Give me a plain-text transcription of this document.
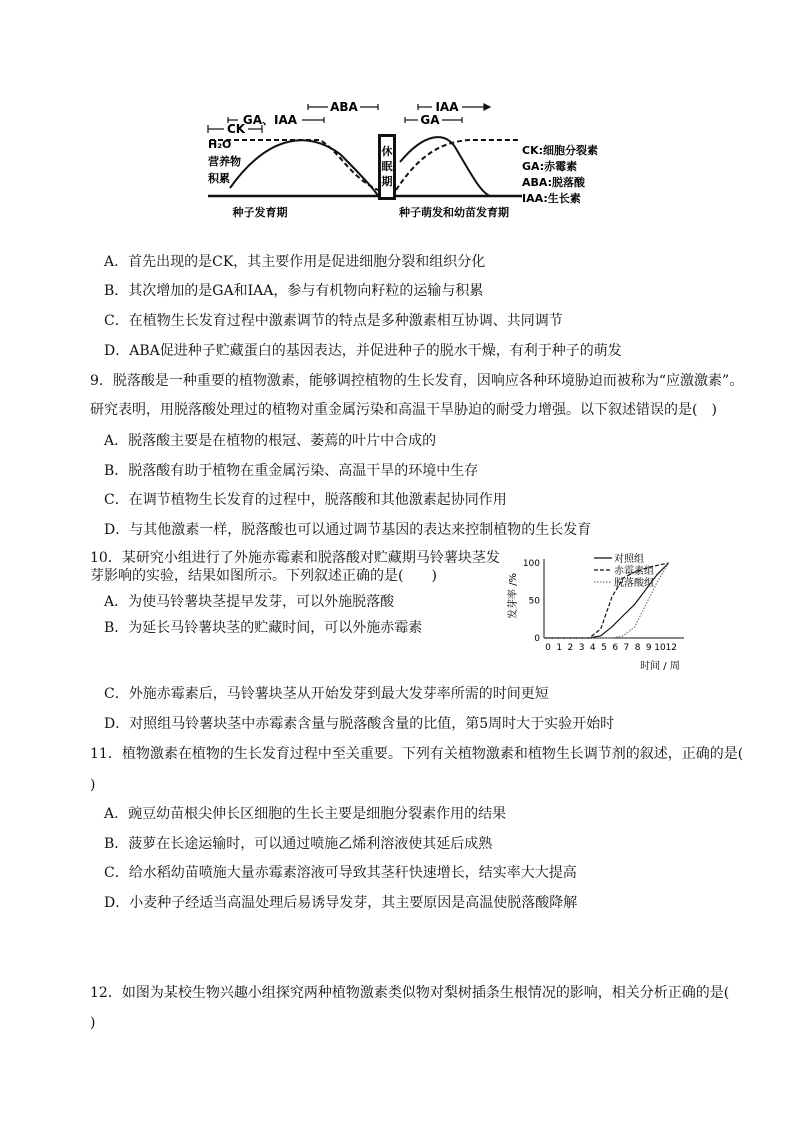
ABA	IAA
GA、IAA	GA
CK
H₂O
营养物
积累
休
眠
期
CK:细胞分裂素
GA:赤霉素
ABA:脱落酸
IAA:生长素
种子发育期	种子萌发和幼苗发育期
A．首先出现的是CK，其主要作用是促进细胞分裂和组织分化
B．其次增加的是GA和IAA，参与有机物向籽粒的运输与积累
C．在植物生长发育过程中激素调节的特点是多种激素相互协调、共同调节
D．ABA促进种子贮藏蛋白的基因表达，并促进种子的脱水干燥，有利于种子的萌发
9．脱落酸是一种重要的植物激素，能够调控植物的生长发育，因响应各种环境胁迫而被称为“应激激素”。
研究表明，用脱落酸处理过的植物对重金属污染和高温干旱胁迫的耐受力增强。以下叙述错误的是(　)
A．脱落酸主要是在植物的根冠、萎蔫的叶片中合成的
B．脱落酸有助于植物在重金属污染、高温干旱的环境中生存
C．在调节植物生长发育的过程中，脱落酸和其他激素起协同作用
D．与其他激素一样，脱落酸也可以通过调节基因的表达来控制植物的生长发育
10．某研究小组进行了外施赤霉素和脱落酸对贮藏期马铃薯块茎发
芽影响的实验，结果如图所示。下列叙述正确的是(　　)
A．为使马铃薯块茎提早发芽，可以外施脱落酸
B．为延长马铃薯块茎的贮藏时间，可以外施赤霉素
0
50
100
0 1 2 3 4 5 6 7 8 9 10 12
对照组
赤霉素组
脱落酸组
发芽率 /%
时间 / 周
C．外施赤霉素后，马铃薯块茎从开始发芽到最大发芽率所需的时间更短
D．对照组马铃薯块茎中赤霉素含量与脱落酸含量的比值，第5周时大于实验开始时
11．植物激素在植物的生长发育过程中至关重要。下列有关植物激素和植物生长调节剂的叙述，正确的是(
)
A．豌豆幼苗根尖伸长区细胞的生长主要是细胞分裂素作用的结果
B．菠萝在长途运输时，可以通过喷施乙烯利溶液使其延后成熟
C．给水稻幼苗喷施大量赤霉素溶液可导致其茎秆快速增长，结实率大大提高
D．小麦种子经适当高温处理后易诱导发芽，其主要原因是高温使脱落酸降解
12．如图为某校生物兴趣小组探究两种植物激素类似物对梨树插条生根情况的影响，相关分析正确的是(
)
